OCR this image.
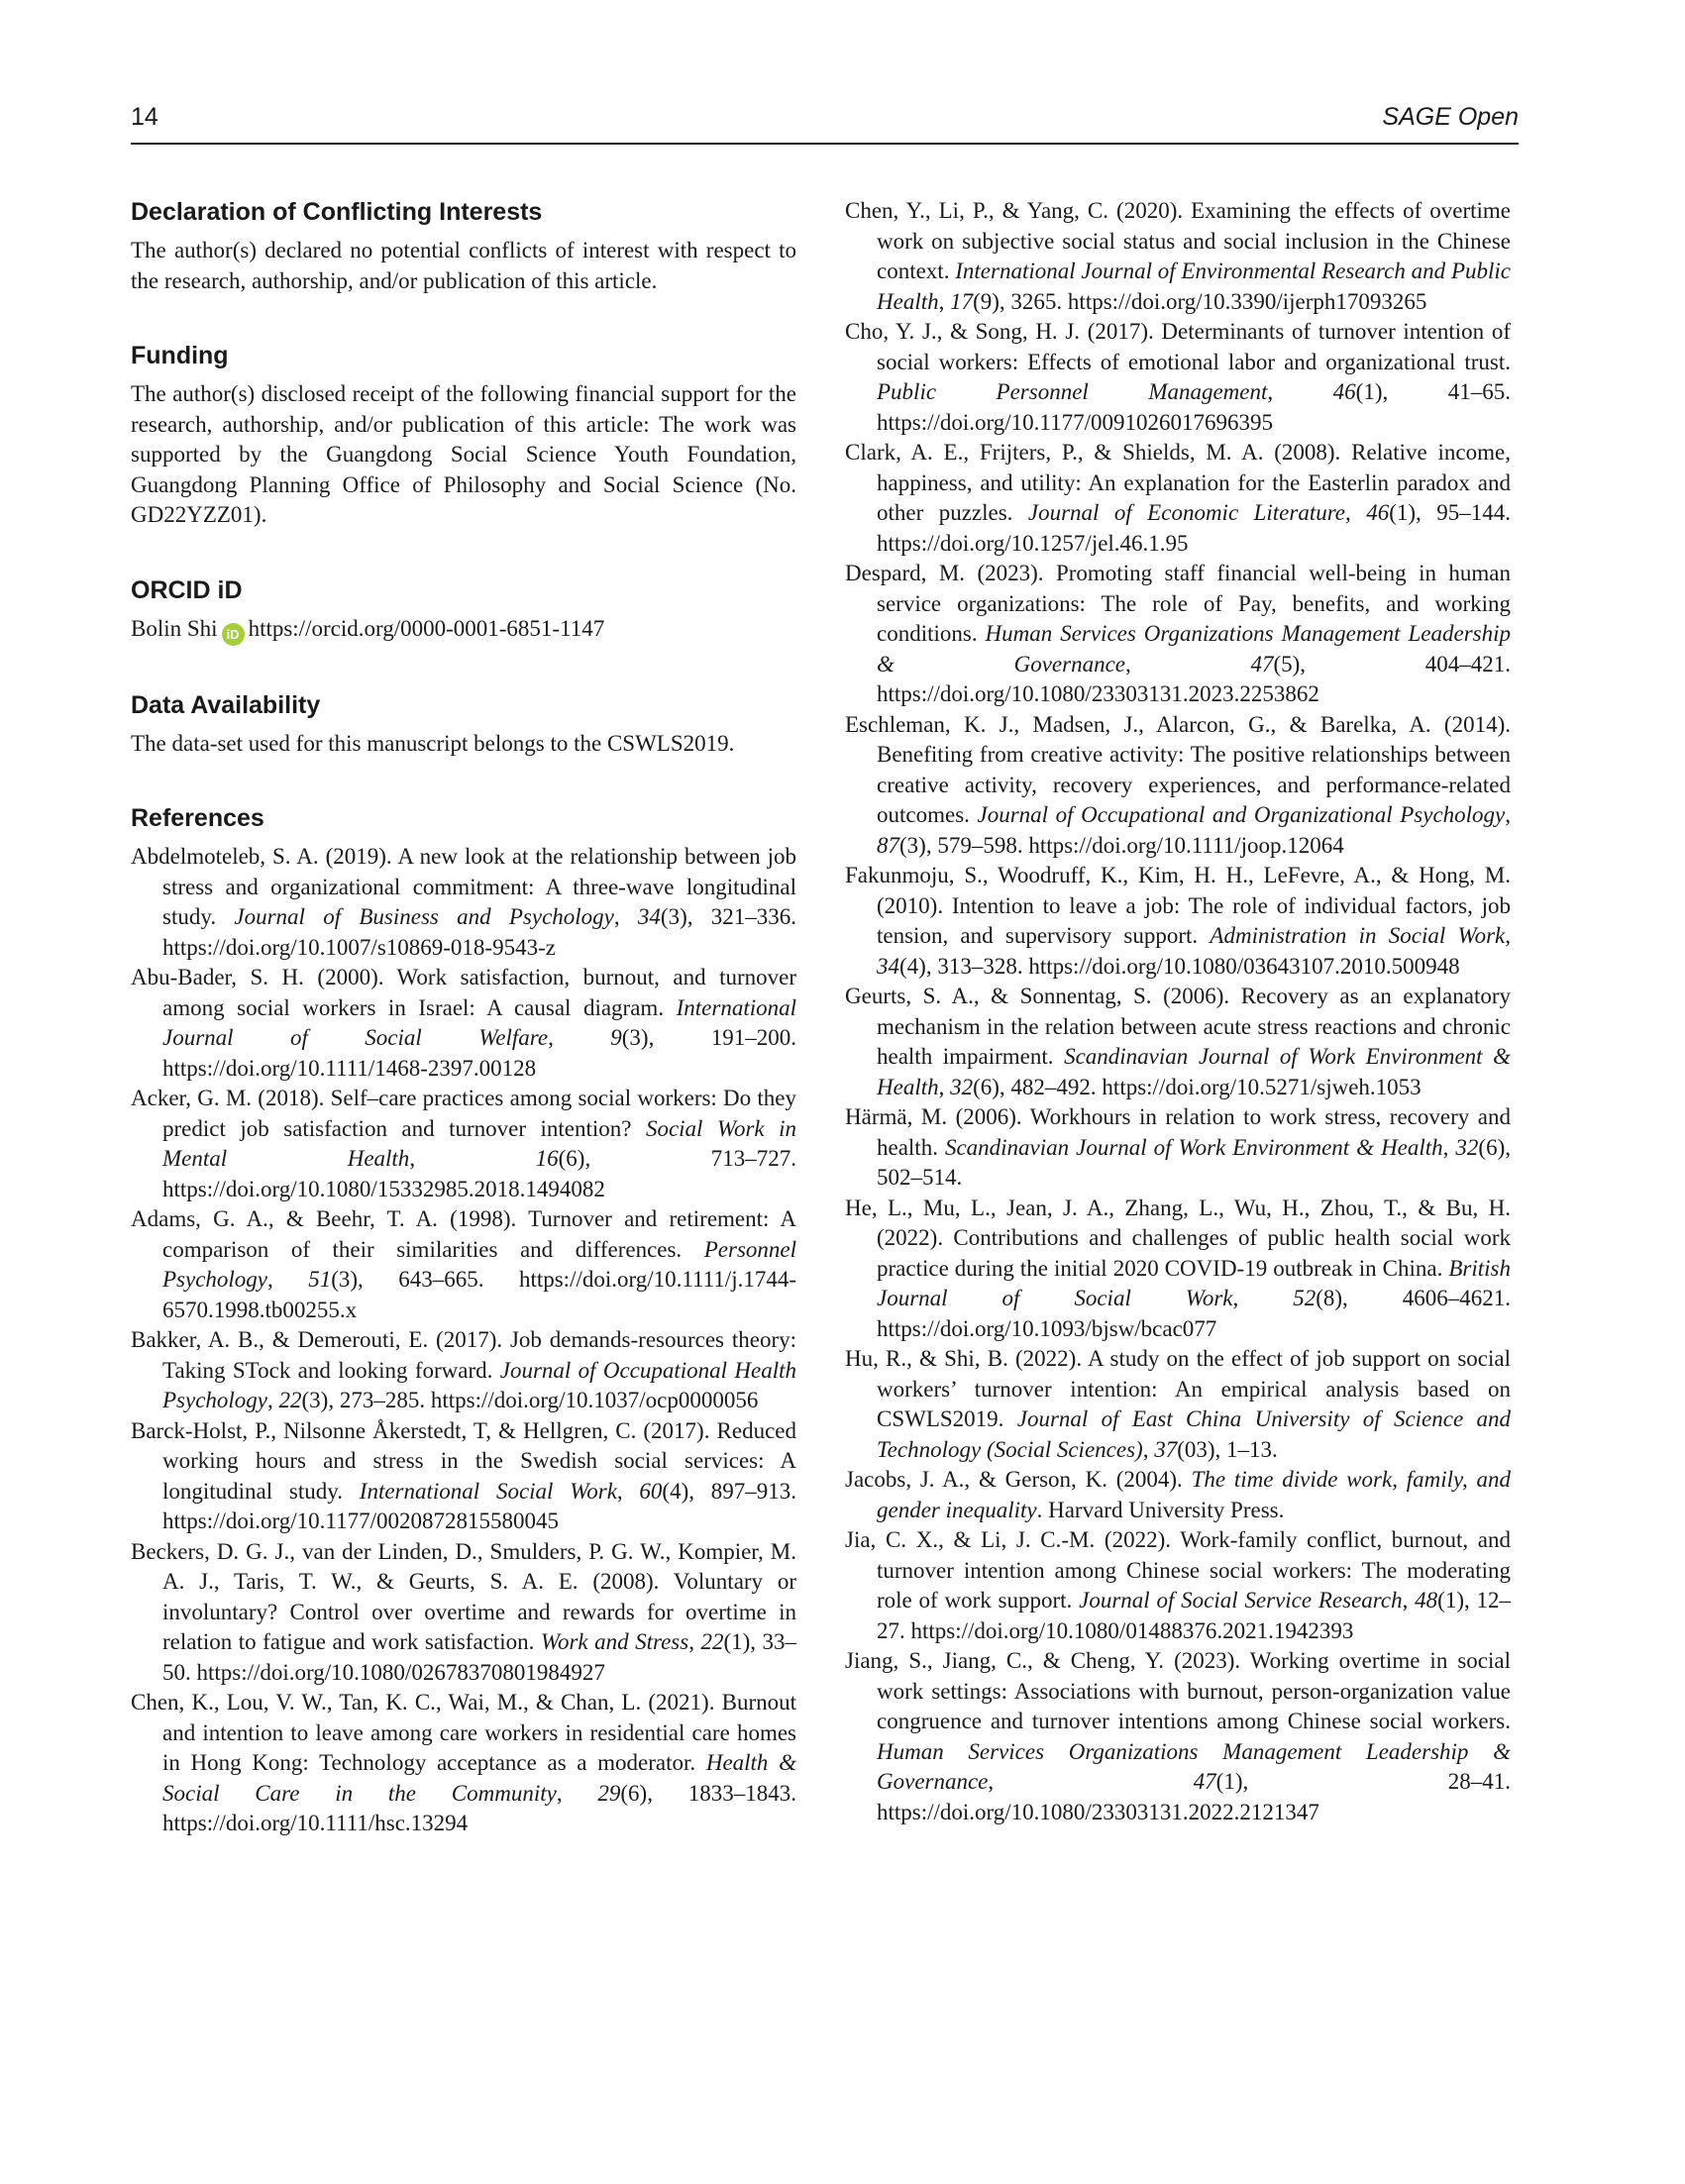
14	SAGE Open
Declaration of Conflicting Interests

The author(s) declared no potential conflicts of interest with respect to the research, authorship, and/or publication of this article.

Funding

The author(s) disclosed receipt of the following financial support for the research, authorship, and/or publication of this article: The work was supported by the Guangdong Social Science Youth Foundation, Guangdong Planning Office of Philosophy and Social Science (No. GD22YZZ01).

ORCID iD

Bolin Shi iD https://orcid.org/0000-0001-6851-1147

Data Availability

The data-set used for this manuscript belongs to the CSWLS2019.

References

Abdelmoteleb, S. A. (2019). A new look at the relationship between job stress and organizational commitment: A three-wave longitudinal study. Journal of Business and Psychology, 34(3), 321–336. https://doi.org/10.1007/s10869-018-9543-z

Abu-Bader, S. H. (2000). Work satisfaction, burnout, and turnover among social workers in Israel: A causal diagram. International Journal of Social Welfare, 9(3), 191–200. https://doi.org/10.1111/1468-2397.00128

Acker, G. M. (2018). Self–care practices among social workers: Do they predict job satisfaction and turnover intention? Social Work in Mental Health, 16(6), 713–727. https://doi.org/10.1080/15332985.2018.1494082

Adams, G. A., & Beehr, T. A. (1998). Turnover and retirement: A comparison of their similarities and differences. Personnel Psychology, 51(3), 643–665. https://doi.org/10.1111/j.1744-6570.1998.tb00255.x

Bakker, A. B., & Demerouti, E. (2017). Job demands-resources theory: Taking STock and looking forward. Journal of Occupational Health Psychology, 22(3), 273–285. https://doi.org/10.1037/ocp0000056

Barck-Holst, P., Nilsonne Åkerstedt, T, & Hellgren, C. (2017). Reduced working hours and stress in the Swedish social services: A longitudinal study. International Social Work, 60(4), 897–913. https://doi.org/10.1177/0020872815580045

Beckers, D. G. J., van der Linden, D., Smulders, P. G. W., Kompier, M. A. J., Taris, T. W., & Geurts, S. A. E. (2008). Voluntary or involuntary? Control over overtime and rewards for overtime in relation to fatigue and work satisfaction. Work and Stress, 22(1), 33–50. https://doi.org/10.1080/02678370801984927

Chen, K., Lou, V. W., Tan, K. C., Wai, M., & Chan, L. (2021). Burnout and intention to leave among care workers in residential care homes in Hong Kong: Technology acceptance as a moderator. Health & Social Care in the Community, 29(6), 1833–1843. https://doi.org/10.1111/hsc.13294

Chen, Y., Li, P., & Yang, C. (2020). Examining the effects of overtime work on subjective social status and social inclusion in the Chinese context. International Journal of Environmental Research and Public Health, 17(9), 3265. https://doi.org/10.3390/ijerph17093265

Cho, Y. J., & Song, H. J. (2017). Determinants of turnover intention of social workers: Effects of emotional labor and organizational trust. Public Personnel Management, 46(1), 41–65. https://doi.org/10.1177/0091026017696395

Clark, A. E., Frijters, P., & Shields, M. A. (2008). Relative income, happiness, and utility: An explanation for the Easterlin paradox and other puzzles. Journal of Economic Literature, 46(1), 95–144. https://doi.org/10.1257/jel.46.1.95

Despard, M. (2023). Promoting staff financial well-being in human service organizations: The role of Pay, benefits, and working conditions. Human Services Organizations Management Leadership & Governance, 47(5), 404–421. https://doi.org/10.1080/23303131.2023.2253862

Eschleman, K. J., Madsen, J., Alarcon, G., & Barelka, A. (2014). Benefiting from creative activity: The positive relationships between creative activity, recovery experiences, and performance-related outcomes. Journal of Occupational and Organizational Psychology, 87(3), 579–598. https://doi.org/10.1111/joop.12064

Fakunmoju, S., Woodruff, K., Kim, H. H., LeFevre, A., & Hong, M. (2010). Intention to leave a job: The role of individual factors, job tension, and supervisory support. Administration in Social Work, 34(4), 313–328. https://doi.org/10.1080/03643107.2010.500948

Geurts, S. A., & Sonnentag, S. (2006). Recovery as an explanatory mechanism in the relation between acute stress reactions and chronic health impairment. Scandinavian Journal of Work Environment & Health, 32(6), 482–492. https://doi.org/10.5271/sjweh.1053

Härmä, M. (2006). Workhours in relation to work stress, recovery and health. Scandinavian Journal of Work Environment & Health, 32(6), 502–514.

He, L., Mu, L., Jean, J. A., Zhang, L., Wu, H., Zhou, T., & Bu, H. (2022). Contributions and challenges of public health social work practice during the initial 2020 COVID-19 outbreak in China. British Journal of Social Work, 52(8), 4606–4621. https://doi.org/10.1093/bjsw/bcac077

Hu, R., & Shi, B. (2022). A study on the effect of job support on social workers’ turnover intention: An empirical analysis based on CSWLS2019. Journal of East China University of Science and Technology (Social Sciences), 37(03), 1–13.

Jacobs, J. A., & Gerson, K. (2004). The time divide work, family, and gender inequality. Harvard University Press.

Jia, C. X., & Li, J. C.-M. (2022). Work-family conflict, burnout, and turnover intention among Chinese social workers: The moderating role of work support. Journal of Social Service Research, 48(1), 12–27. https://doi.org/10.1080/01488376.2021.1942393

Jiang, S., Jiang, C., & Cheng, Y. (2023). Working overtime in social work settings: Associations with burnout, person-organization value congruence and turnover intentions among Chinese social workers. Human Services Organizations Management Leadership & Governance, 47(1), 28–41. https://doi.org/10.1080/23303131.2022.2121347
